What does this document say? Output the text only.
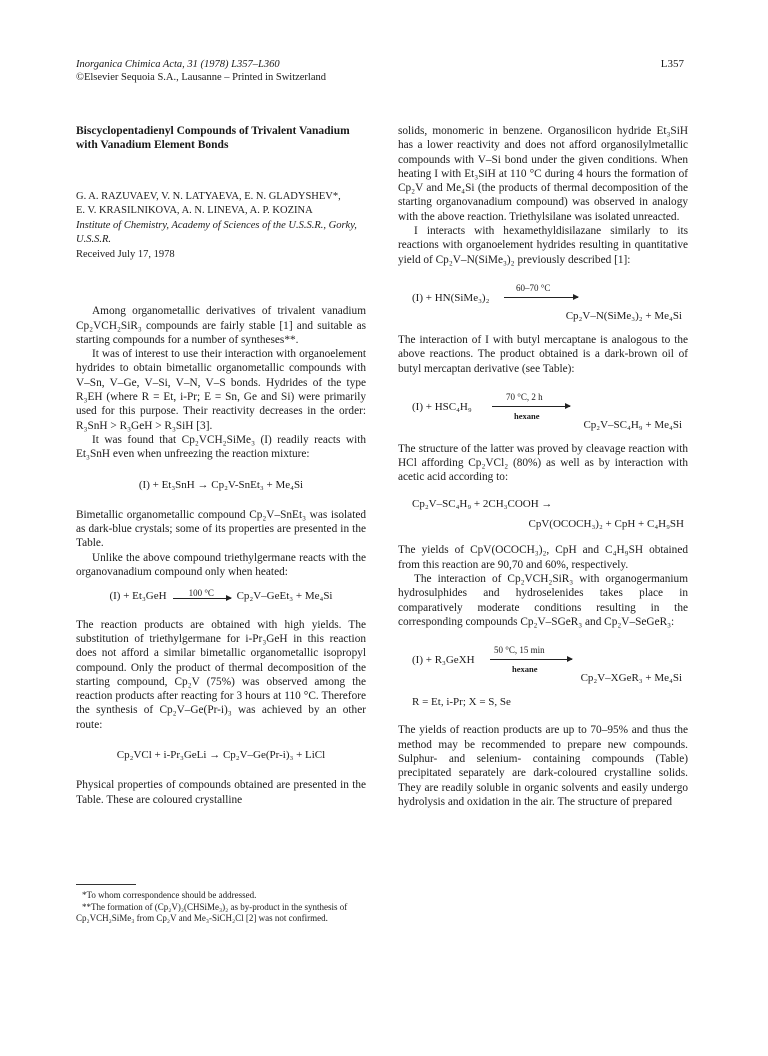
Inorganica Chimica Acta, 31 (1978) L357–L360
©Elsevier Sequoia S.A., Lausanne – Printed in Switzerland
L357

Biscyclopentadienyl Compounds of Trivalent Vanadium with Vanadium Element Bonds

G. A. RAZUVAEV, V. N. LATYAEVA, E. N. GLADYSHEV*,

E. V. KRASILNIKOVA, A. N. LINEVA, A. P. KOZINA

Institute of Chemistry, Academy of Sciences of the U.S.S.R., Gorky, U.S.S.R.

Received July 17, 1978

Among organometallic derivatives of trivalent vanadium Cp₂VCH₂SiR₃ compounds are fairly stable [1] and suitable as starting compounds for a number of syntheses**.

It was of interest to use their interaction with organoelement hydrides to obtain bimetallic organometallic compounds with V–Sn, V–Ge, V–Si, V–N, V–S bonds. Hydrides of the type R₃EH (where R = Et, i-Pr; E = Sn, Ge and Si) were primarily used for this purpose. Their reactivity decreases in the order: R₃SnH > R₃GeH > R₃SiH [3].

It was found that Cp₂VCH₂SiMe₃ (I) readily reacts with Et₃SnH even when unfreezing the reaction mixture:

(I) + Et₃SnH → Cp₂V-SnEt₃ + Me₄Si

Bimetallic organometallic compound Cp₂V–SnEt₃ was isolated as dark-blue crystals; some of its properties are presented in the Table.

Unlike the above compound triethylgermane reacts with the organovanadium compound only when heated:

(I) + Et₃GeH 100 °C Cp₂V–GeEt₃ + Me₄Si

The reaction products are obtained with high yields. The substitution of triethylgermane for i-Pr₃GeH in this reaction does not afford a similar bimetallic organometallic isopropyl compound. Only the product of thermal decomposition of the starting compound, Cp₂V (75%) was observed among the reaction products after reacting for 3 hours at 110 °C. Therefore the synthesis of Cp₂V–Ge(Pr-i)₃ was achieved by an other route:

Cp₂VCl + i-Pr₃GeLi → Cp₂V–Ge(Pr-i)₃ + LiCl

Physical properties of compounds obtained are presented in the Table. These are coloured crystalline

*To whom correspondence should be addressed.

**The formation of (Cp₂V)₂(CHSiMe₃)₂ as by-product in the synthesis of Cp₂VCH₂SiMe₃ from Cp₂V and Me₃-SiCH₂Cl [2] was not confirmed.

solids, monomeric in benzene. Organosilicon hydride Et₃SiH has a lower reactivity and does not afford organosilylmetallic compounds with V–Si bond under the given conditions. When heating I with Et₃SiH at 110 °C during 4 hours the formation of Cp₂V and Me₄Si (the products of thermal decomposition of the starting organovanadium compound) was observed in analogy with the above reaction. Triethylsilane was isolated unreacted.

I interacts with hexamethyldisilazane similarly to its reactions with organoelement hydrides resulting in quantitative yield of Cp₂V–N(SiMe₃)₂ previously described [1]:

(I) + HN(SiMe₃)₂
60–70 °C
Cp₂V–N(SiMe₃)₂ + Me₄Si

The interaction of I with butyl mercaptane is analogous to the above reactions. The product obtained is a dark-brown oil of butyl mercaptan derivative (see Table):

(I) + HSC₄H₉
70 °C, 2 h
hexane
Cp₂V–SC₄H₉ + Me₄Si

The structure of the latter was proved by cleavage reaction with HCl affording Cp₂VCl₂ (80%) as well as by interaction with acetic acid according to:

Cp₂V–SC₄H₉ + 2CH₃COOH →
CpV(OCOCH₃)₂ + CpH + C₄H₉SH

The yields of CpV(OCOCH₃)₂, CpH and C₄H₉SH obtained from this reaction are 90,70 and 60%, respectively.

The interaction of Cp₂VCH₂SiR₃ with organogermanium hydrosulphides and hydroselenides takes place in comparatively moderate conditions resulting in the corresponding compounds Cp₂V–SGeR₃ and Cp₂V–SeGeR₃:

(I) + R₃GeXH
50 °C, 15 min
hexane
Cp₂V–XGeR₃ + Me₄Si
R = Et, i-Pr; X = S, Se

The yields of reaction products are up to 70–95% and thus the method may be recommended to prepare new compounds. Sulphur- and selenium- containing compounds (Table) precipitated separately are dark-coloured crystalline solids. They are readily soluble in organic solvents and easily undergo hydrolysis and oxidation in the air. The structure of prepared
